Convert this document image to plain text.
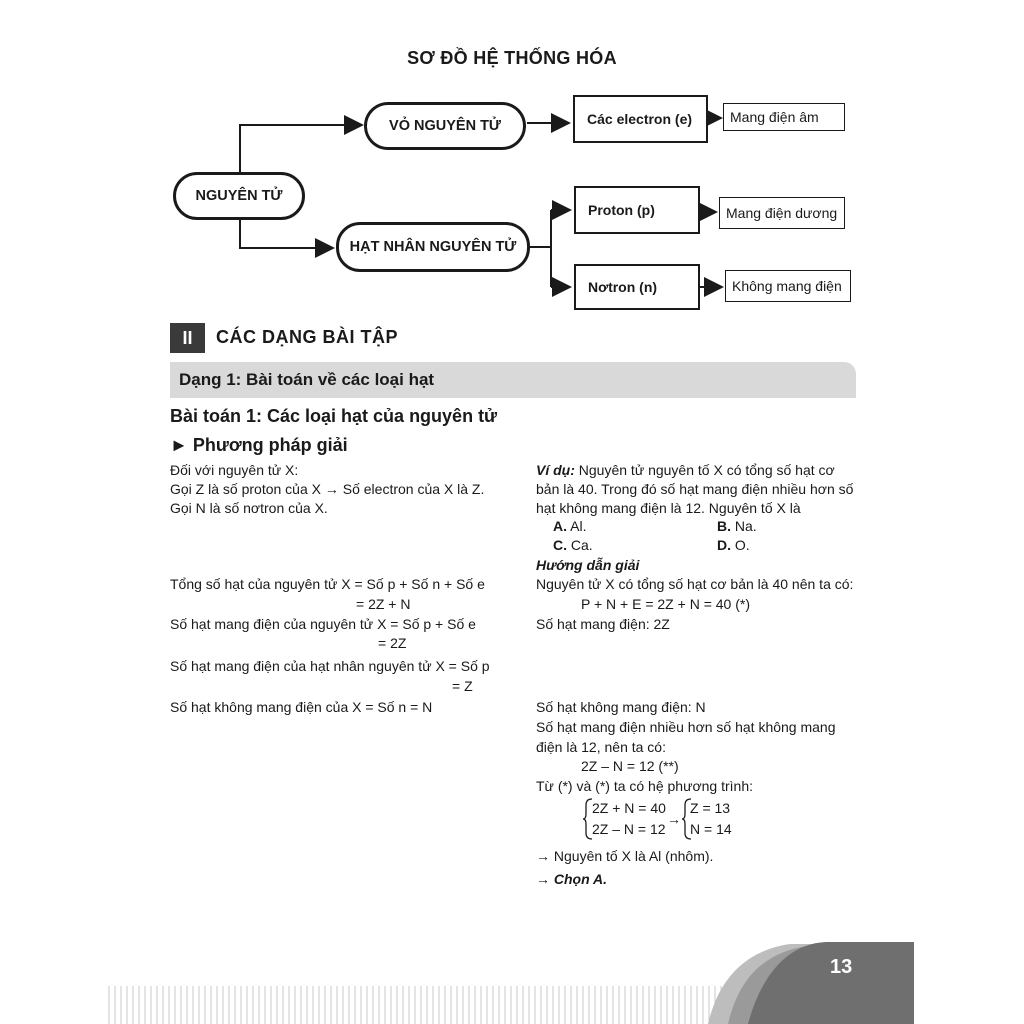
SƠ ĐỒ HỆ THỐNG HÓA
NGUYÊN TỬ
VỎ NGUYÊN TỬ
HẠT NHÂN NGUYÊN TỬ
Các electron (e)	Mang điện âm
Proton (p)	Mang điện dương
Nơtron (n)	Không mang điện
II	CÁC DẠNG BÀI TẬP
Dạng 1: Bài toán về các loại hạt
Bài toán 1: Các loại hạt của nguyên tử
► Phương pháp giải
Đối với nguyên tử X:
Gọi Z là số proton của X → Số electron của X là Z.
Gọi N là số nơtron của X.
Tổng số hạt của nguyên tử X = Số p + Số n + Số e
= 2Z + N
Số hạt mang điện của nguyên tử X = Số p + Số e
= 2Z
Số hạt mang điện của hạt nhân nguyên tử X = Số p
= Z
Số hạt không mang điện của X = Số n = N
Ví dụ: Nguyên tử nguyên tố X có tổng số hạt cơ
bản là 40. Trong đó số hạt mang điện nhiều hơn số
hạt không mang điện là 12. Nguyên tố X là
A. Al.	B. Na.
C. Ca.	D. O.
Hướng dẫn giải
Nguyên tử X có tổng số hạt cơ bản là 40 nên ta có:
P + N + E = 2Z + N = 40 (*)
Số hạt mang điện: 2Z
Số hạt không mang điện: N
Số hạt mang điện nhiều hơn số hạt không mang
điện là 12, nên ta có:
2Z – N = 12 (**)
Từ (*) và (*) ta có hệ phương trình:
2Z + N = 40
2Z – N = 12
→
Z = 13
N = 14
→ Nguyên tố X là Al (nhôm).
→ Chọn A.
13
